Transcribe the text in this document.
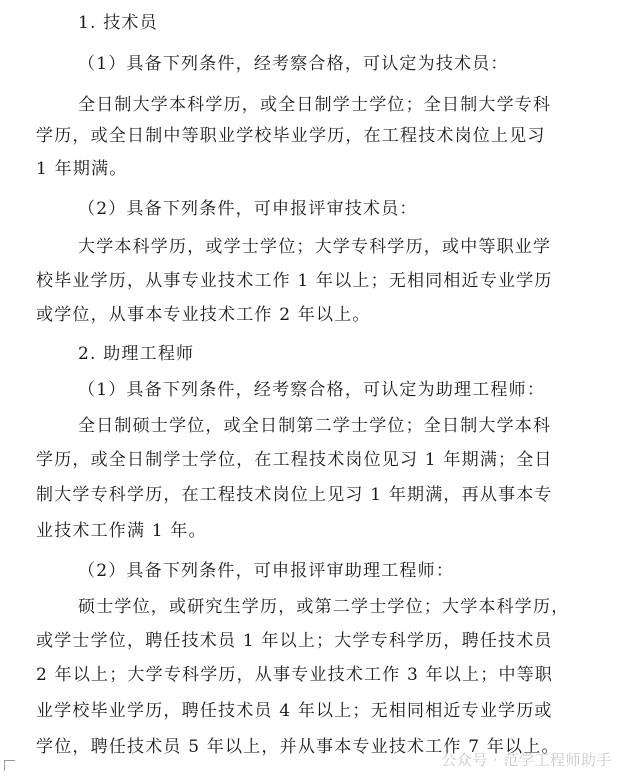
1. 技术员
（1）具备下列条件，经考察合格，可认定为技术员：
全日制大学本科学历，或全日制学士学位；全日制大学专科
学历，或全日制中等职业学校毕业学历，在工程技术岗位上见习
1 年期满。
（2）具备下列条件，可申报评审技术员：
大学本科学历，或学士学位；大学专科学历，或中等职业学
校毕业学历，从事专业技术工作 1 年以上；无相同相近专业学历
或学位，从事本专业技术工作 2 年以上。
2. 助理工程师
（1）具备下列条件，经考察合格，可认定为助理工程师：
全日制硕士学位，或全日制第二学士学位；全日制大学本科
学历，或全日制学士学位，在工程技术岗位见习 1 年期满；全日
制大学专科学历，在工程技术岗位上见习 1 年期满，再从事本专
业技术工作满 1 年。
（2）具备下列条件，可申报评审助理工程师：
硕士学位，或研究生学历，或第二学士学位；大学本科学历，
或学士学位，聘任技术员 1 年以上；大学专科学历，聘任技术员
2 年以上；大学专科学历，从事专业技术工作 3 年以上；中等职
业学校毕业学历，聘任技术员 4 年以上；无相同相近专业学历或
学位，聘任技术员 5 年以上，并从事本专业技术工作 7 年以上。
公众号 · 范学工程师助手
